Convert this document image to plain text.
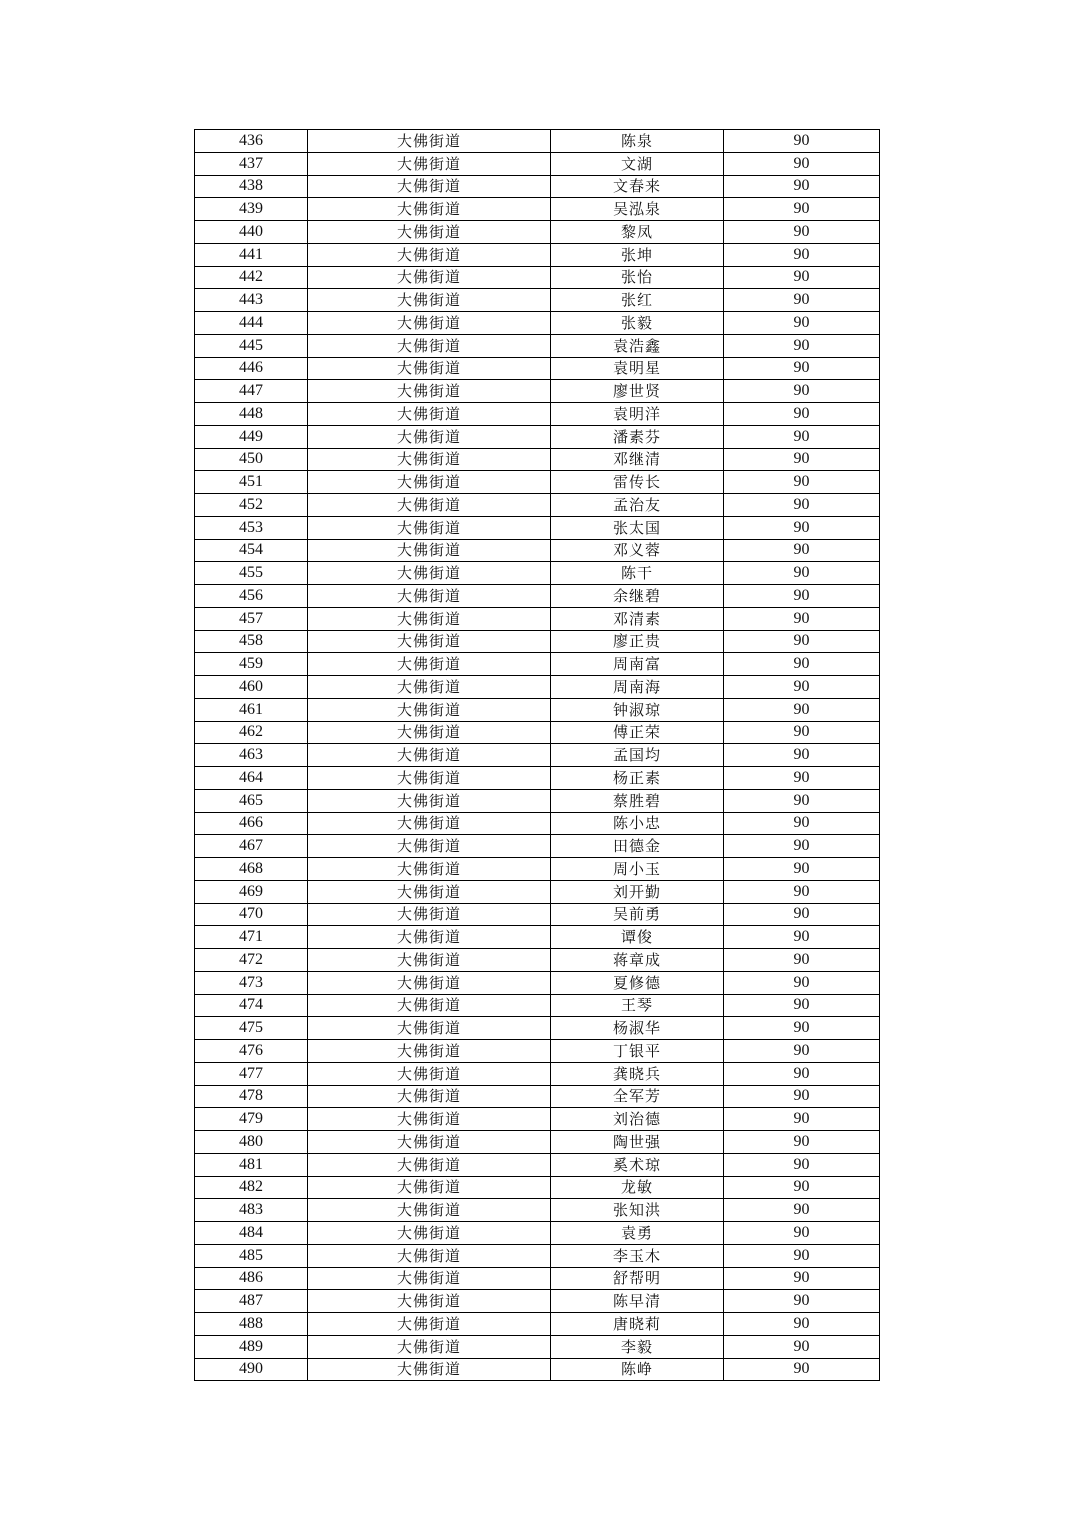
436	大佛街道	陈泉	90
437	大佛街道	文湖	90
438	大佛街道	文春来	90
439	大佛街道	吴泓泉	90
440	大佛街道	黎凤	90
441	大佛街道	张坤	90
442	大佛街道	张怡	90
443	大佛街道	张红	90
444	大佛街道	张毅	90
445	大佛街道	袁浩鑫	90
446	大佛街道	袁明星	90
447	大佛街道	廖世贤	90
448	大佛街道	袁明洋	90
449	大佛街道	潘素芬	90
450	大佛街道	邓继清	90
451	大佛街道	雷传长	90
452	大佛街道	孟治友	90
453	大佛街道	张太国	90
454	大佛街道	邓义蓉	90
455	大佛街道	陈干	90
456	大佛街道	余继碧	90
457	大佛街道	邓清素	90
458	大佛街道	廖正贵	90
459	大佛街道	周南富	90
460	大佛街道	周南海	90
461	大佛街道	钟淑琼	90
462	大佛街道	傅正荣	90
463	大佛街道	孟国均	90
464	大佛街道	杨正素	90
465	大佛街道	蔡胜碧	90
466	大佛街道	陈小忠	90
467	大佛街道	田德金	90
468	大佛街道	周小玉	90
469	大佛街道	刘开勤	90
470	大佛街道	吴前勇	90
471	大佛街道	谭俊	90
472	大佛街道	蒋章成	90
473	大佛街道	夏修德	90
474	大佛街道	王琴	90
475	大佛街道	杨淑华	90
476	大佛街道	丁银平	90
477	大佛街道	龚晓兵	90
478	大佛街道	全军芳	90
479	大佛街道	刘治德	90
480	大佛街道	陶世强	90
481	大佛街道	奚术琼	90
482	大佛街道	龙敏	90
483	大佛街道	张知洪	90
484	大佛街道	袁勇	90
485	大佛街道	李玉木	90
486	大佛街道	舒帮明	90
487	大佛街道	陈早清	90
488	大佛街道	唐晓莉	90
489	大佛街道	李毅	90
490	大佛街道	陈峥	90
